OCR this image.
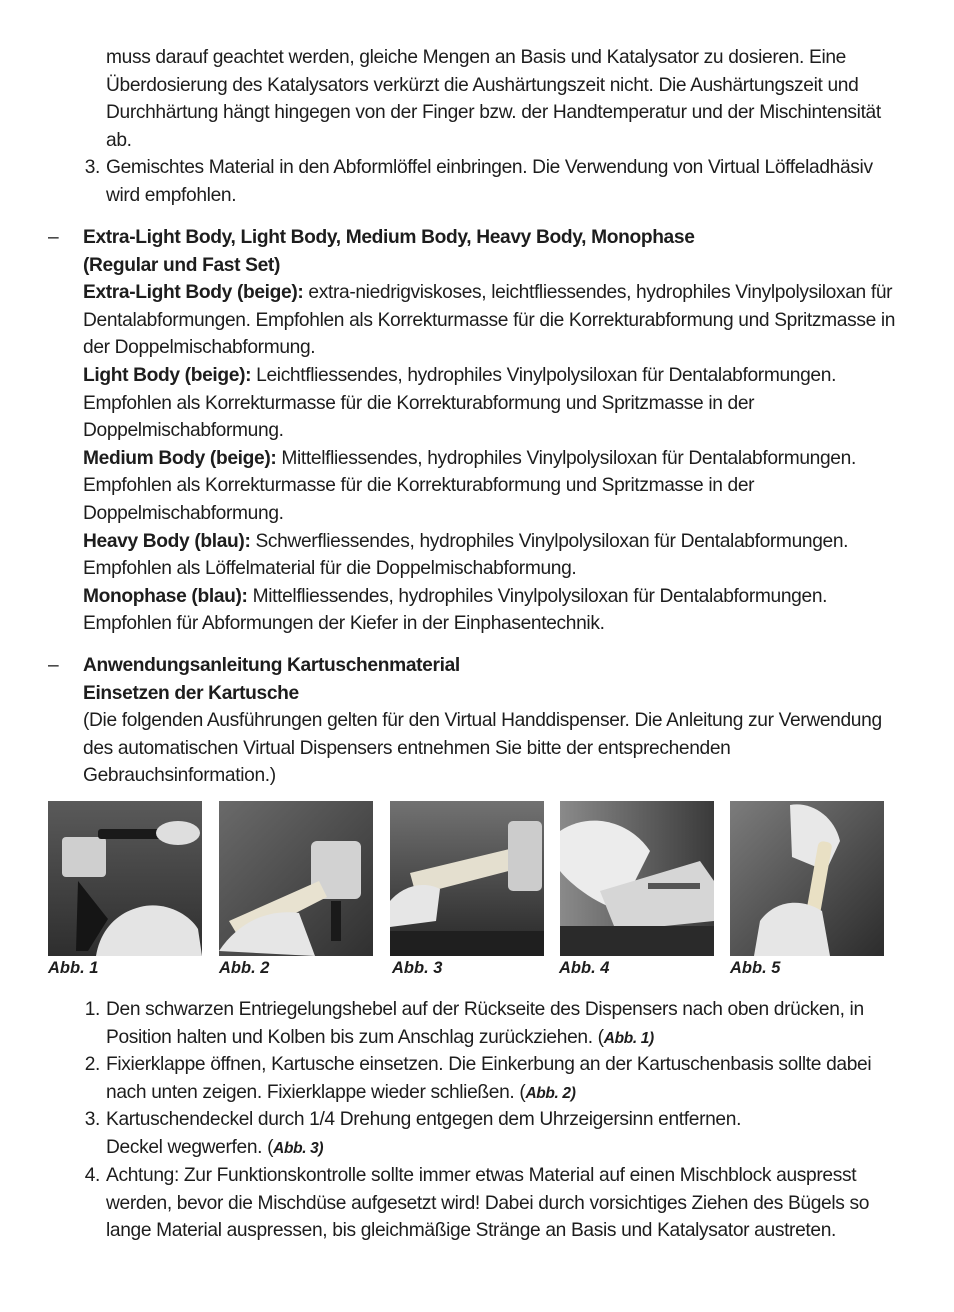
muss darauf geachtet werden, gleiche Mengen an Basis und Katalysator zu dosieren. Eine Überdosierung des Katalysators verkürzt die Aushärtungszeit nicht. Die Aushärtungszeit und Durchhärtung hängt hingegen von der Finger bzw. der Handtemperatur und der Mischintensität ab.
3. Gemischtes Material in den Abformlöffel einbringen. Die Verwendung von Virtual Löffeladhäsiv wird empfohlen.
– Extra-Light Body, Light Body, Medium Body, Heavy Body, Monophase
(Regular und Fast Set)
Extra-Light Body (beige): extra-niedrigviskoses, leichtfliessendes, hydrophiles Vinylpolysiloxan für Dentalabformungen. Empfohlen als Korrekturmasse für die Korrekturabformung und Spritzmasse in der Doppelmischabformung.
Light Body (beige): Leichtfliessendes, hydrophiles Vinylpolysiloxan für Dentalabformungen. Empfohlen als Korrekturmasse für die Korrekturabformung und Spritzmasse in der Doppelmischabformung.
Medium Body (beige): Mittelfliessendes, hydrophiles Vinylpolysiloxan für Dentalabformungen. Empfohlen als Korrekturmasse für die Korrekturabformung und Spritzmasse in der Doppelmischabformung.
Heavy Body (blau): Schwerfliessendes, hydrophiles Vinylpolysiloxan für Dentalabformungen. Empfohlen als Löffelmaterial für die Doppelmischabformung.
Monophase (blau): Mittelfliessendes, hydrophiles Vinylpolysiloxan für Dentalabformungen. Empfohlen für Abformungen der Kiefer in der Einphasentechnik.
– Anwendungsanleitung Kartuschenmaterial
Einsetzen der Kartusche
(Die folgenden Ausführungen gelten für den Virtual Handdispenser. Die Anleitung zur Verwendung des automatischen Virtual Dispensers entnehmen Sie bitte der entsprechenden Gebrauchsinformation.)
Abb. 1	Abb. 2	Abb. 3	Abb. 4	Abb. 5
1. Den schwarzen Entriegelungshebel auf der Rückseite des Dispensers nach oben drücken, in Position halten und Kolben bis zum Anschlag zurückziehen. (Abb. 1)
2. Fixierklappe öffnen, Kartusche einsetzen. Die Einkerbung an der Kartuschenbasis sollte dabei nach unten zeigen. Fixierklappe wieder schließen. (Abb. 2)
3. Kartuschendeckel durch 1/4 Drehung entgegen dem Uhrzeigersinn entfernen.
Deckel wegwerfen. (Abb. 3)
4. Achtung: Zur Funktionskontrolle sollte immer etwas Material auf einen Mischblock auspresst werden, bevor die Mischdüse aufgesetzt wird! Dabei durch vorsichtiges Ziehen des Bügels so lange Material auspressen, bis gleichmäßige Stränge an Basis und Katalysator austreten.
